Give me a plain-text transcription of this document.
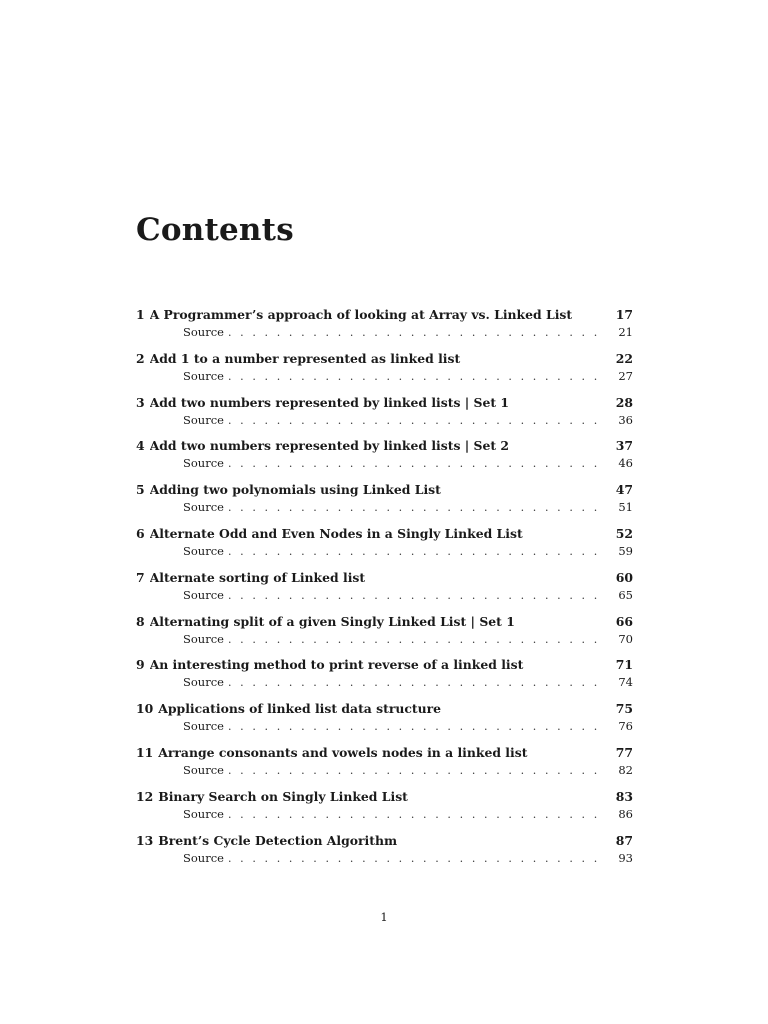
Contents
1 A Programmer’s approach of looking at Array vs. Linked List	17
Source . . .	21
2 Add 1 to a number represented as linked list	22
Source . . .	27
3 Add two numbers represented by linked lists | Set 1	28
Source . . .	36
4 Add two numbers represented by linked lists | Set 2	37
Source . . .	46
5 Adding two polynomials using Linked List	47
Source . . .	51
6 Alternate Odd and Even Nodes in a Singly Linked List	52
Source . . .	59
7 Alternate sorting of Linked list	60
Source . . .	65
8 Alternating split of a given Singly Linked List | Set 1	66
Source . . .	70
9 An interesting method to print reverse of a linked list	71
Source . . .	74
10 Applications of linked list data structure	75
Source . . .	76
11 Arrange consonants and vowels nodes in a linked list	77
Source . . .	82
12 Binary Search on Singly Linked List	83
Source . . .	86
13 Brent’s Cycle Detection Algorithm	87
Source . . .	93
1
